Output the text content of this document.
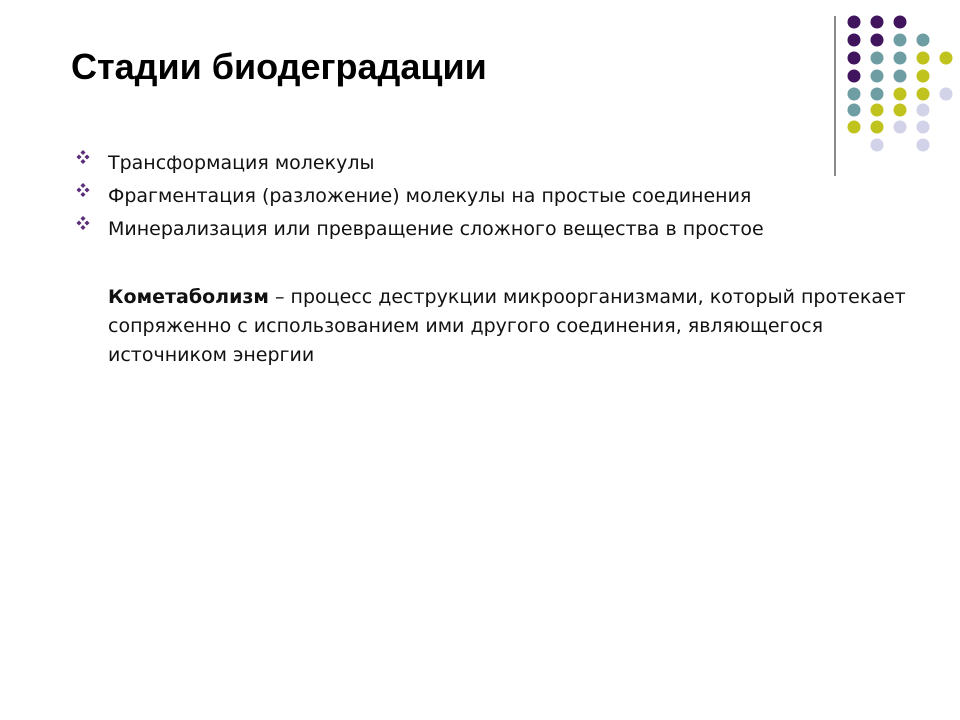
Стадии биодеградации
Трансформация молекулы
Фрагментация (разложение) молекулы на простые соединения
Минерализация или превращение сложного вещества в простое
Кометаболизм – процесс деструкции микроорганизмами, который протекает сопряженно с использованием ими другого соединения, являющегося источником энергии
